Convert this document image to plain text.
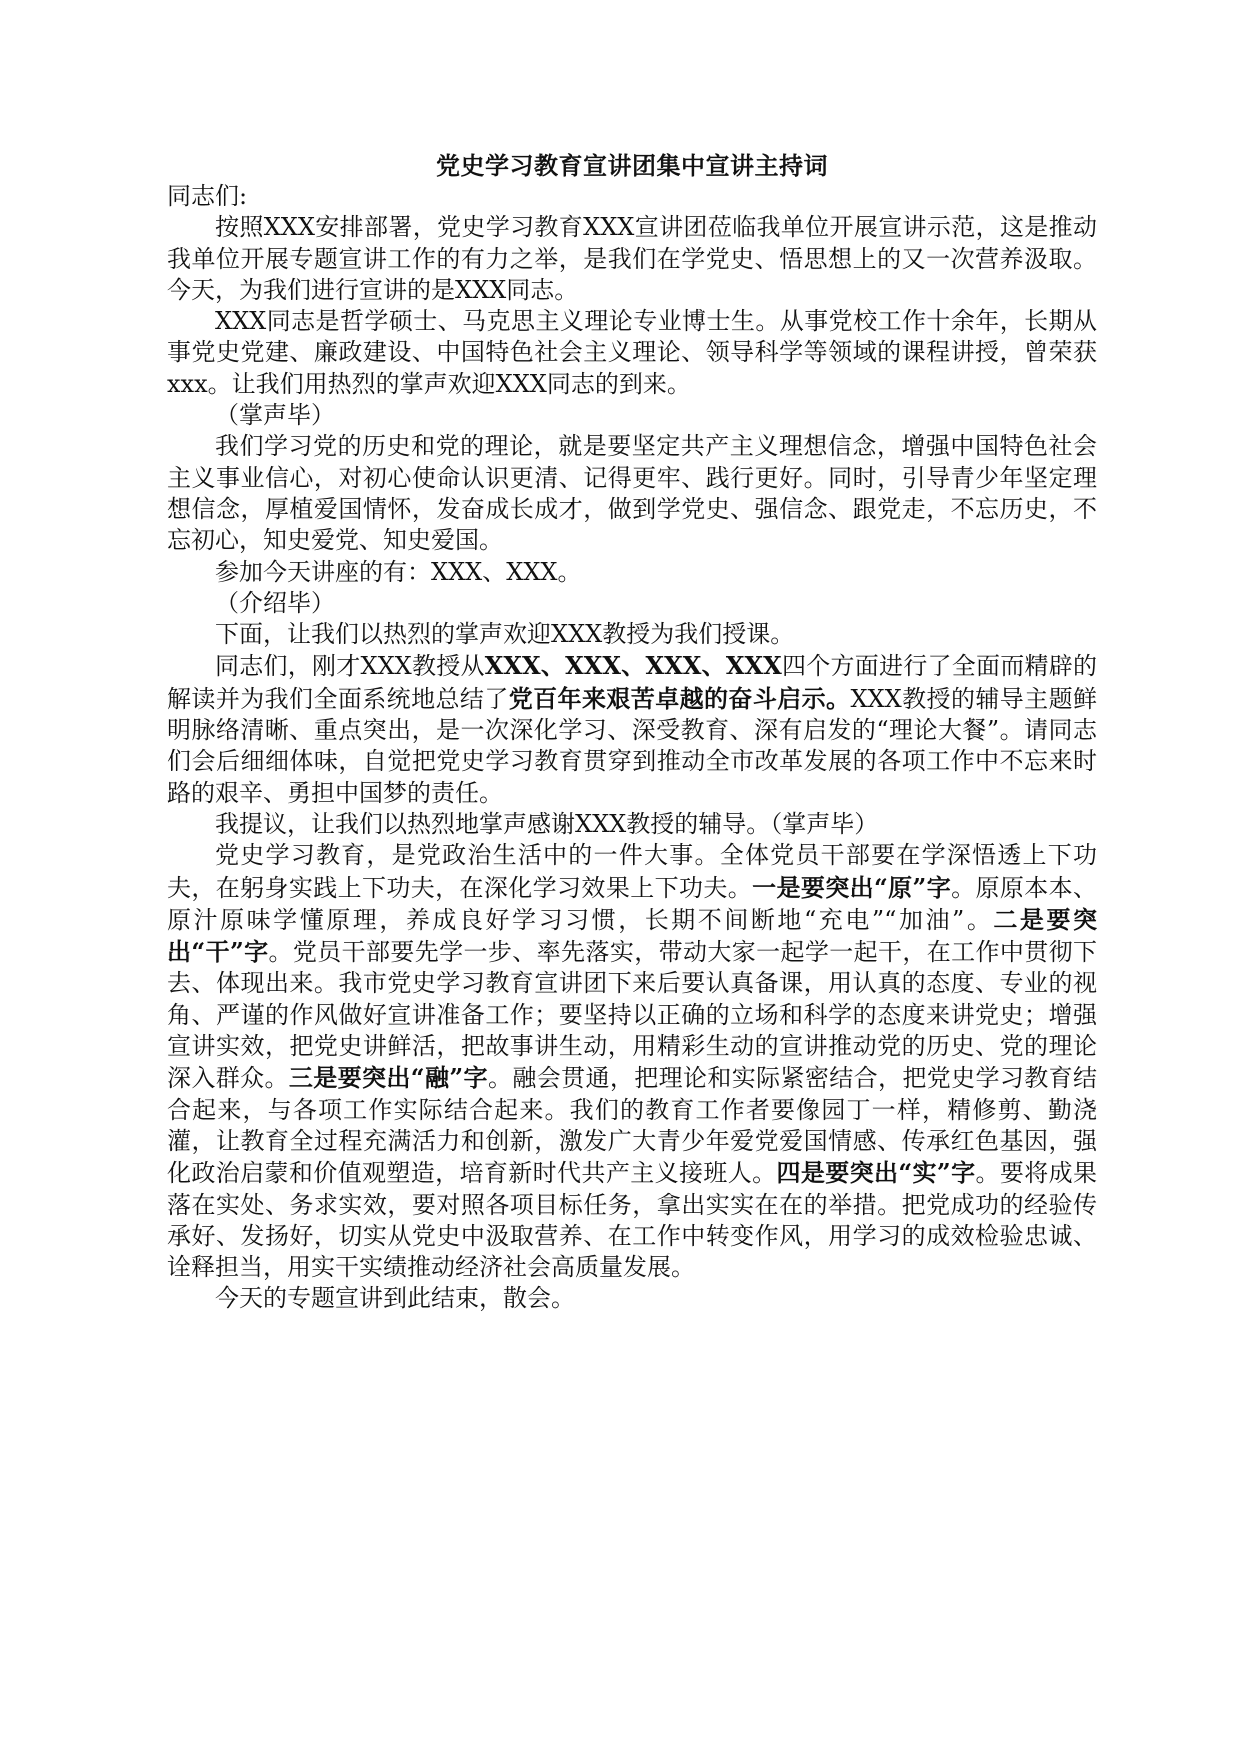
党史学习教育宣讲团集中宣讲主持词

同志们:

按照XXX安排部署，党史学习教育XXX宣讲团莅临我单位开展宣讲示范，这是推动我单位开展专题宣讲工作的有力之举，是我们在学党史、悟思想上的又一次营养汲取。今天，为我们进行宣讲的是XXX同志。

XXX同志是哲学硕士、马克思主义理论专业博士生。从事党校工作十余年，长期从事党史党建、廉政建设、中国特色社会主义理论、领导科学等领域的课程讲授，曾荣获xxx。让我们用热烈的掌声欢迎XXX同志的到来。

（掌声毕）

我们学习党的历史和党的理论，就是要坚定共产主义理想信念，增强中国特色社会主义事业信心，对初心使命认识更清、记得更牢、践行更好。同时，引导青少年坚定理想信念，厚植爱国情怀，发奋成长成才，做到学党史、强信念、跟党走，不忘历史，不忘初心，知史爱党、知史爱国。

参加今天讲座的有：XXX、XXX。

（介绍毕）

下面，让我们以热烈的掌声欢迎XXX教授为我们授课。

同志们，刚才XXX教授从XXX、XXX、XXX、XXX四个方面进行了全面而精辟的解读并为我们全面系统地总结了党百年来艰苦卓越的奋斗启示。XXX教授的辅导主题鲜明脉络清晰、重点突出，是一次深化学习、深受教育、深有启发的“理论大餐”。请同志们会后细细体味，自觉把党史学习教育贯穿到推动全市改革发展的各项工作中不忘来时路的艰辛、勇担中国梦的责任。

我提议，让我们以热烈地掌声感谢XXX教授的辅导。（掌声毕）

党史学习教育，是党政治生活中的一件大事。全体党员干部要在学深悟透上下功夫，在躬身实践上下功夫，在深化学习效果上下功夫。一是要突出“原”字。原原本本、原汁原味学懂原理，养成良好学习习惯，长期不间断地“充电”“加油”。二是要突出“干”字。党员干部要先学一步、率先落实，带动大家一起学一起干，在工作中贯彻下去、体现出来。我市党史学习教育宣讲团下来后要认真备课，用认真的态度、专业的视角、严谨的作风做好宣讲准备工作；要坚持以正确的立场和科学的态度来讲党史；增强宣讲实效，把党史讲鲜活，把故事讲生动，用精彩生动的宣讲推动党的历史、党的理论深入群众。三是要突出“融”字。融会贯通，把理论和实际紧密结合，把党史学习教育结合起来，与各项工作实际结合起来。我们的教育工作者要像园丁一样，精修剪、勤浇灌，让教育全过程充满活力和创新，激发广大青少年爱党爱国情感、传承红色基因，强化政治启蒙和价值观塑造，培育新时代共产主义接班人。四是要突出“实”字。要将成果落在实处、务求实效，要对照各项目标任务，拿出实实在在的举措。把党成功的经验传承好、发扬好，切实从党史中汲取营养、在工作中转变作风，用学习的成效检验忠诚、诠释担当，用实干实绩推动经济社会高质量发展。

今天的专题宣讲到此结束，散会。
